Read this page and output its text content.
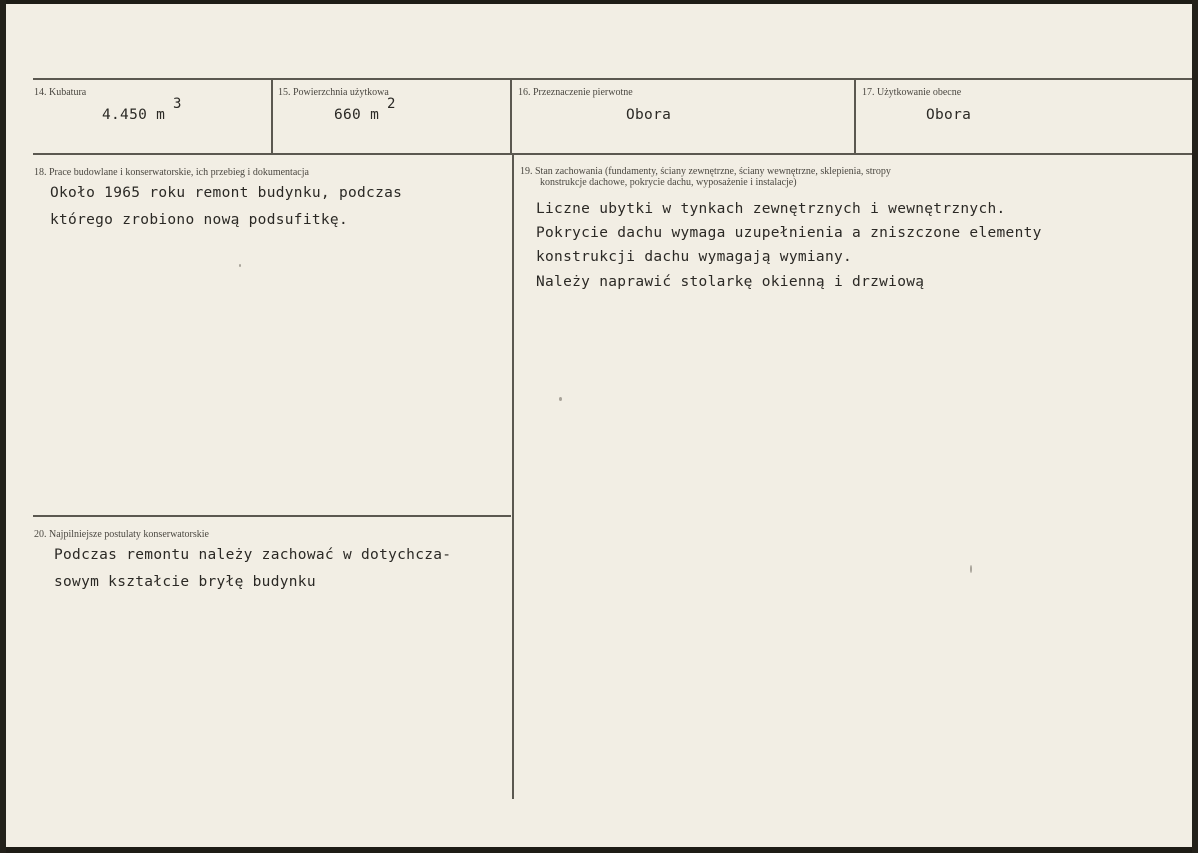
14. Kubatura
4.450 m
3
15. Powierzchnia użytkowa
660 m
2
16. Przeznaczenie pierwotne
Obora
17. Użytkowanie obecne
Obora
18. Prace budowlane i konserwatorskie, ich przebieg i dokumentacja
Około 1965 roku remont budynku, podczas
którego zrobiono nową podsufitkę.
19. Stan zachowania (fundamenty, ściany zewnętrzne, ściany wewnętrzne, sklepienia, stropy
konstrukcje dachowe, pokrycie dachu, wyposażenie i instalacje)
Liczne ubytki w tynkach zewnętrznych i wewnętrznych.
Pokrycie dachu wymaga uzupełnienia a zniszczone elementy
konstrukcji dachu wymagają wymiany.
Należy naprawić stolarkę okienną i drzwiową
20. Najpilniejsze postulaty konserwatorskie
Podczas remontu należy zachować w dotychcza-
sowym kształcie bryłę budynku
